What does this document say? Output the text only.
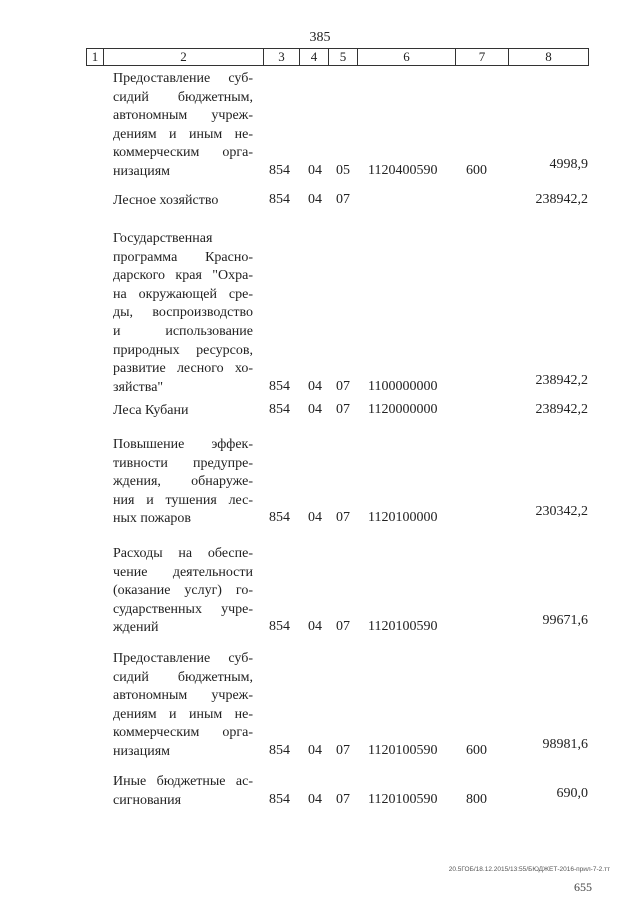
385
1	2	3	4	5	6	7	8
Предоставление суб-
сидий бюджетным,
автономным учреж-
дениям и иным не-
коммерческим орга-
низациям	854 04 05 1120400590 600	4998,9
Лесное хозяйство	854 04 07	238942,2
Государственная
программа Красно-
дарского края "Охра-
на окружающей сре-
ды, воспроизводство
и использование
природных ресурсов,
развитие лесного хо-
зяйства"	854 04 07 1100000000	238942,2
Леса Кубани	854 04 07 1120000000	238942,2
Повышение эффек-
тивности предупре-
ждения, обнаруже-
ния и тушения лес-
ных пожаров	854 04 07 1120100000	230342,2
Расходы на обеспе-
чение деятельности
(оказание услуг) го-
сударственных учре-
ждений	854 04 07 1120100590	99671,6
Предоставление суб-
сидий бюджетным,
автономным учреж-
дениям и иным не-
коммерческим орга-
низациям	854 04 07 1120100590 600	98981,6
Иные бюджетные ас-
сигнования	854 04 07 1120100590 800	690,0
20.5ГОБ/18.12.2015/13:55/БЮДЖЕТ-2016-прил-7-2.тт
655
